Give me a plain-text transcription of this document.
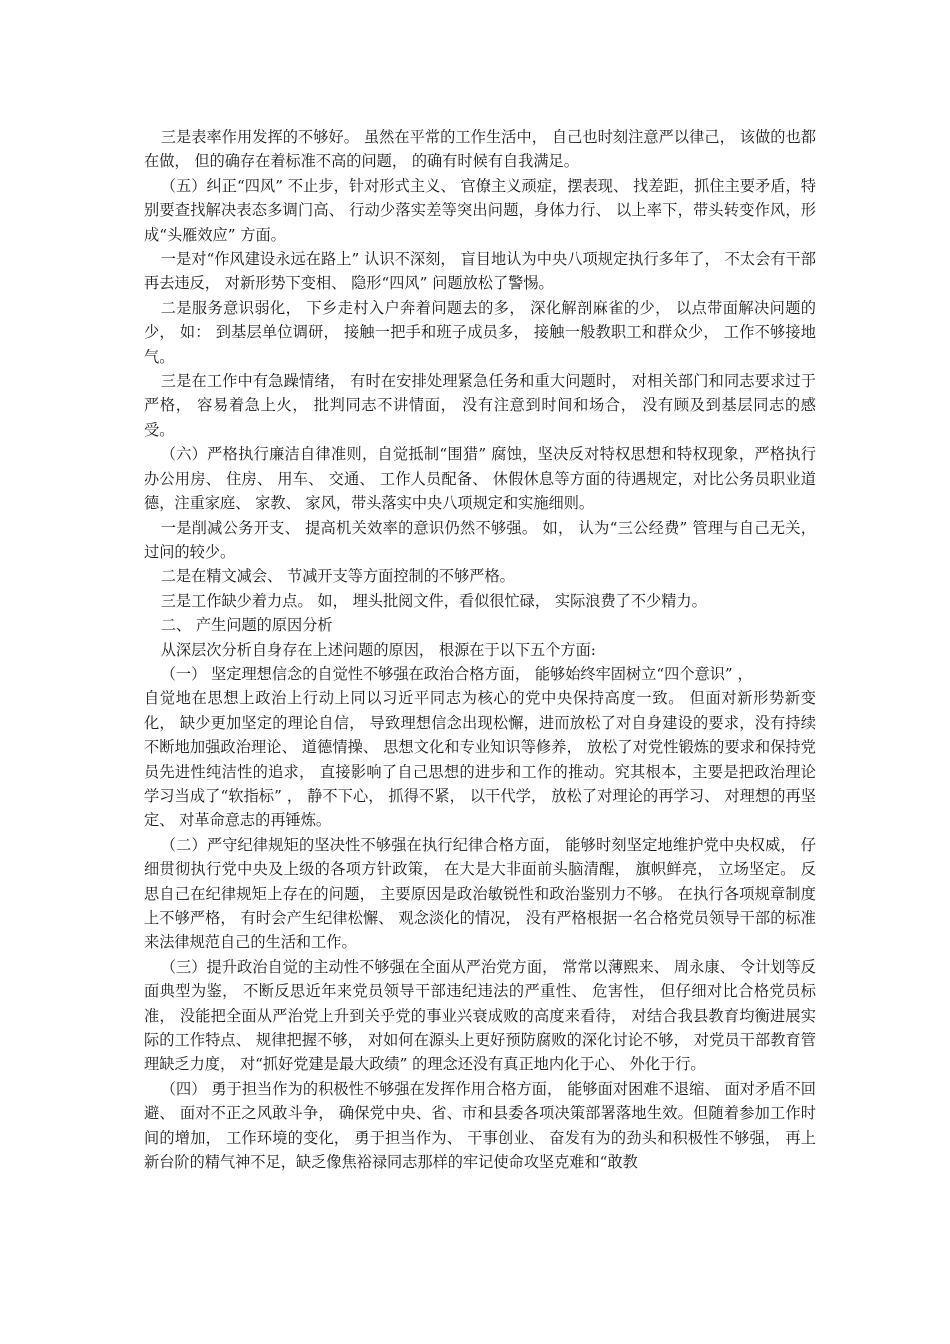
三是表率作用发挥的不够好。 虽然在平常的工作生活中， 自己也时刻注意严以律己， 该做的也都在做， 但的确存在着标准不高的问题， 的确有时候有自我满足。

（五）纠正“四风” 不止步，针对形式主义、 官僚主义顽症，摆表现、 找差距，抓住主要矛盾，特别要查找解决表态多调门高、 行动少落实差等突出问题，身体力行、 以上率下，带头转变作风，形成“头雁效应” 方面。

一是对“作风建设永远在路上” 认识不深刻， 盲目地认为中央八项规定执行多年了， 不太会有干部再去违反， 对新形势下变相、 隐形“四风” 问题放松了警惕。

二是服务意识弱化， 下乡走村入户奔着问题去的多， 深化解剖麻雀的少， 以点带面解决问题的少， 如： 到基层单位调研， 接触一把手和班子成员多， 接触一般教职工和群众少， 工作不够接地气。

三是在工作中有急躁情绪， 有时在安排处理紧急任务和重大问题时， 对相关部门和同志要求过于严格， 容易着急上火， 批判同志不讲情面， 没有注意到时间和场合， 没有顾及到基层同志的感受。

（六）严格执行廉洁自律准则，自觉抵制“围猎” 腐蚀，坚决反对特权思想和特权现象，严格执行办公用房、 住房、 用车、 交通、 工作人员配备、 休假休息等方面的待遇规定，对比公务员职业道德，注重家庭、 家教、 家风，带头落实中央八项规定和实施细则。

一是削减公务开支、 提高机关效率的意识仍然不够强。 如， 认为“三公经费” 管理与自己无关， 过问的较少。

二是在精文减会、 节减开支等方面控制的不够严格。

三是工作缺少着力点。 如， 埋头批阅文件，看似很忙碌， 实际浪费了不少精力。

二、 产生问题的原因分析

从深层次分析自身存在上述问题的原因， 根源在于以下五个方面:

（一） 坚定理想信念的自觉性不够强在政治合格方面， 能够始终牢固树立“四个意识” ，

自觉地在思想上政治上行动上同以习近平同志为核心的党中央保持高度一致。 但面对新形势新变化， 缺少更加坚定的理论自信， 导致理想信念出现松懈，进而放松了对自身建设的要求，没有持续不断地加强政治理论、 道德情操、 思想文化和专业知识等修养， 放松了对党性锻炼的要求和保持党员先进性纯洁性的追求， 直接影响了自己思想的进步和工作的推动。究其根本，主要是把政治理论学习当成了“软指标” ， 静不下心， 抓得不紧， 以干代学， 放松了对理论的再学习、 对理想的再坚定、 对革命意志的再锤炼。

（二）严守纪律规矩的坚决性不够强在执行纪律合格方面， 能够时刻坚定地维护党中央权威， 仔细贯彻执行党中央及上级的各项方针政策， 在大是大非面前头脑清醒， 旗帜鲜亮， 立场坚定。 反思自己在纪律规矩上存在的问题， 主要原因是政治敏锐性和政治鉴别力不够。 在执行各项规章制度上不够严格， 有时会产生纪律松懈、 观念淡化的情况， 没有严格根据一名合格党员领导干部的标准来法律规范自己的生活和工作。

（三）提升政治自觉的主动性不够强在全面从严治党方面， 常常以薄熙来、 周永康、 令计划等反面典型为鉴， 不断反思近年来党员领导干部违纪违法的严重性、 危害性， 但仔细对比合格党员标准， 没能把全面从严治党上升到关乎党的事业兴衰成败的高度来看待， 对结合我县教育均衡进展实际的工作特点、 规律把握不够， 对如何在源头上更好预防腐败的深化讨论不够， 对党员干部教育管理缺乏力度， 对“抓好党建是最大政绩” 的理念还没有真正地内化于心、 外化于行。

（四） 勇于担当作为的积极性不够强在发挥作用合格方面， 能够面对困难不退缩、 面对矛盾不回避、 面对不正之风敢斗争， 确保党中央、省、市和县委各项决策部署落地生效。但随着参加工作时间的增加， 工作环境的变化， 勇于担当作为、 干事创业、 奋发有为的劲头和积极性不够强， 再上新台阶的精气神不足，缺乏像焦裕禄同志那样的牢记使命攻坚克难和“敢教
